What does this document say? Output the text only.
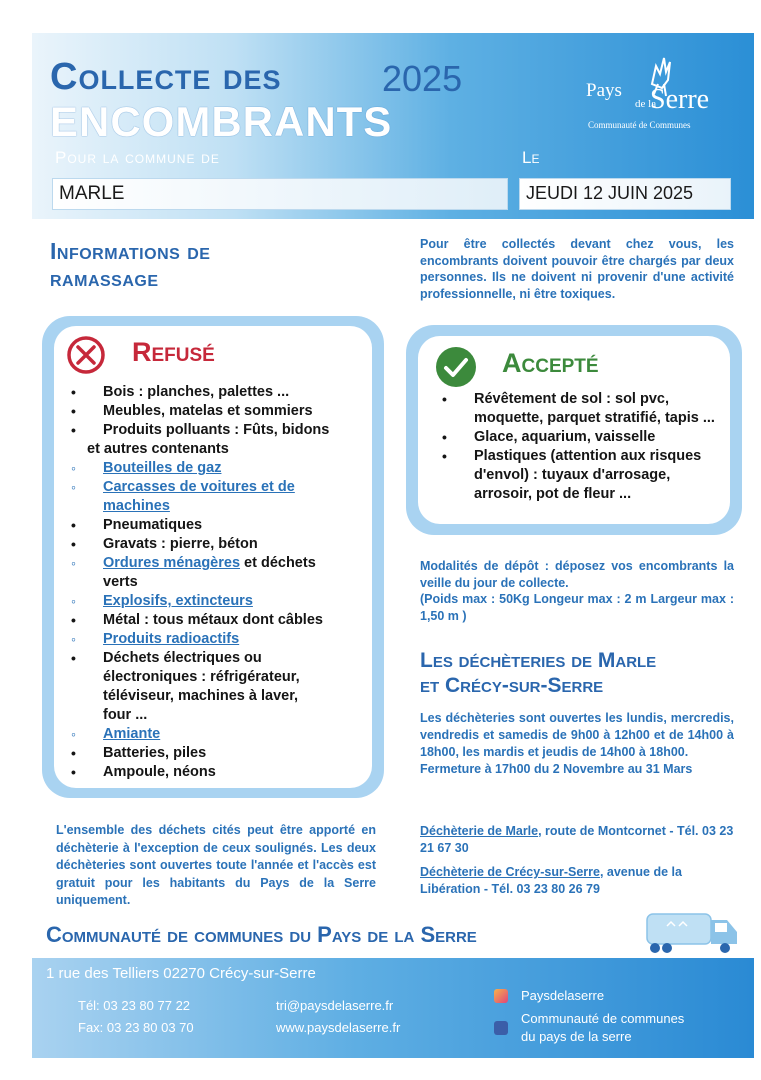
Collecte des	2025
ENCOMBRANTS
Pour la commune de	Le
MARLE	JEUDI 12 JUIN 2025
Pays
de la
Serre
Communauté de Communes
Informations de
ramassage
Pour être collectés devant chez vous, les encombrants doivent pouvoir être chargés par deux personnes. Ils ne doivent ni provenir d'une activité professionnelle, ni être toxiques.
Refusé
• Bois : planches, palettes ...
• Meubles, matelas et sommiers
• Produits polluants : Fûts, bidons
et autres contenants
◦ Bouteilles de gaz
◦ Carcasses de voitures et de machines
• Pneumatiques
• Gravats : pierre, béton
◦ Ordures ménagères et déchets verts
◦ Explosifs, extincteurs
• Métal : tous métaux dont câbles
◦ Produits radioactifs
• Déchets électriques ou électroniques : réfrigérateur, téléviseur, machines à laver, four ...
◦ Amiante
• Batteries, piles
• Ampoule, néons
Accepté
• Révêtement de sol : sol pvc, moquette, parquet stratifié, tapis ...
• Glace, aquarium, vaisselle
• Plastiques (attention aux risques d'envol) : tuyaux d'arrosage, arrosoir, pot de fleur ...
Modalités de dépôt : déposez vos encombrants la veille du jour de collecte.
(Poids max : 50Kg Longeur max : 2 m Largeur max : 1,50 m )
Les déchèteries de Marle
et Crécy-sur-Serre
Les déchèteries sont ouvertes les lundis, mercredis, vendredis et samedis de 9h00 à 12h00 et de 14h00 à 18h00, les mardis et jeudis de 14h00 à 18h00.
Fermeture à 17h00 du 2 Novembre au 31 Mars
Déchèterie de Marle, route de Montcornet - Tél. 03 23 21 67 30
Déchèterie de Crécy-sur-Serre, avenue de la Libération - Tél. 03 23 80 26 79
L'ensemble des déchets cités peut être apporté en déchèterie à l'exception de ceux soulignés. Les deux déchèteries sont ouvertes toute l'année et l'accès est gratuit pour les habitants du Pays de la Serre uniquement.
Communauté de communes du Pays de la Serre
1 rue des Telliers 02270 Crécy-sur-Serre
Tél: 03 23 80 77 22
Fax: 03 23 80 03 70
tri@paysdelaserre.fr
www.paysdelaserre.fr
Paysdelaserre
Communauté de communes
du pays de la serre
